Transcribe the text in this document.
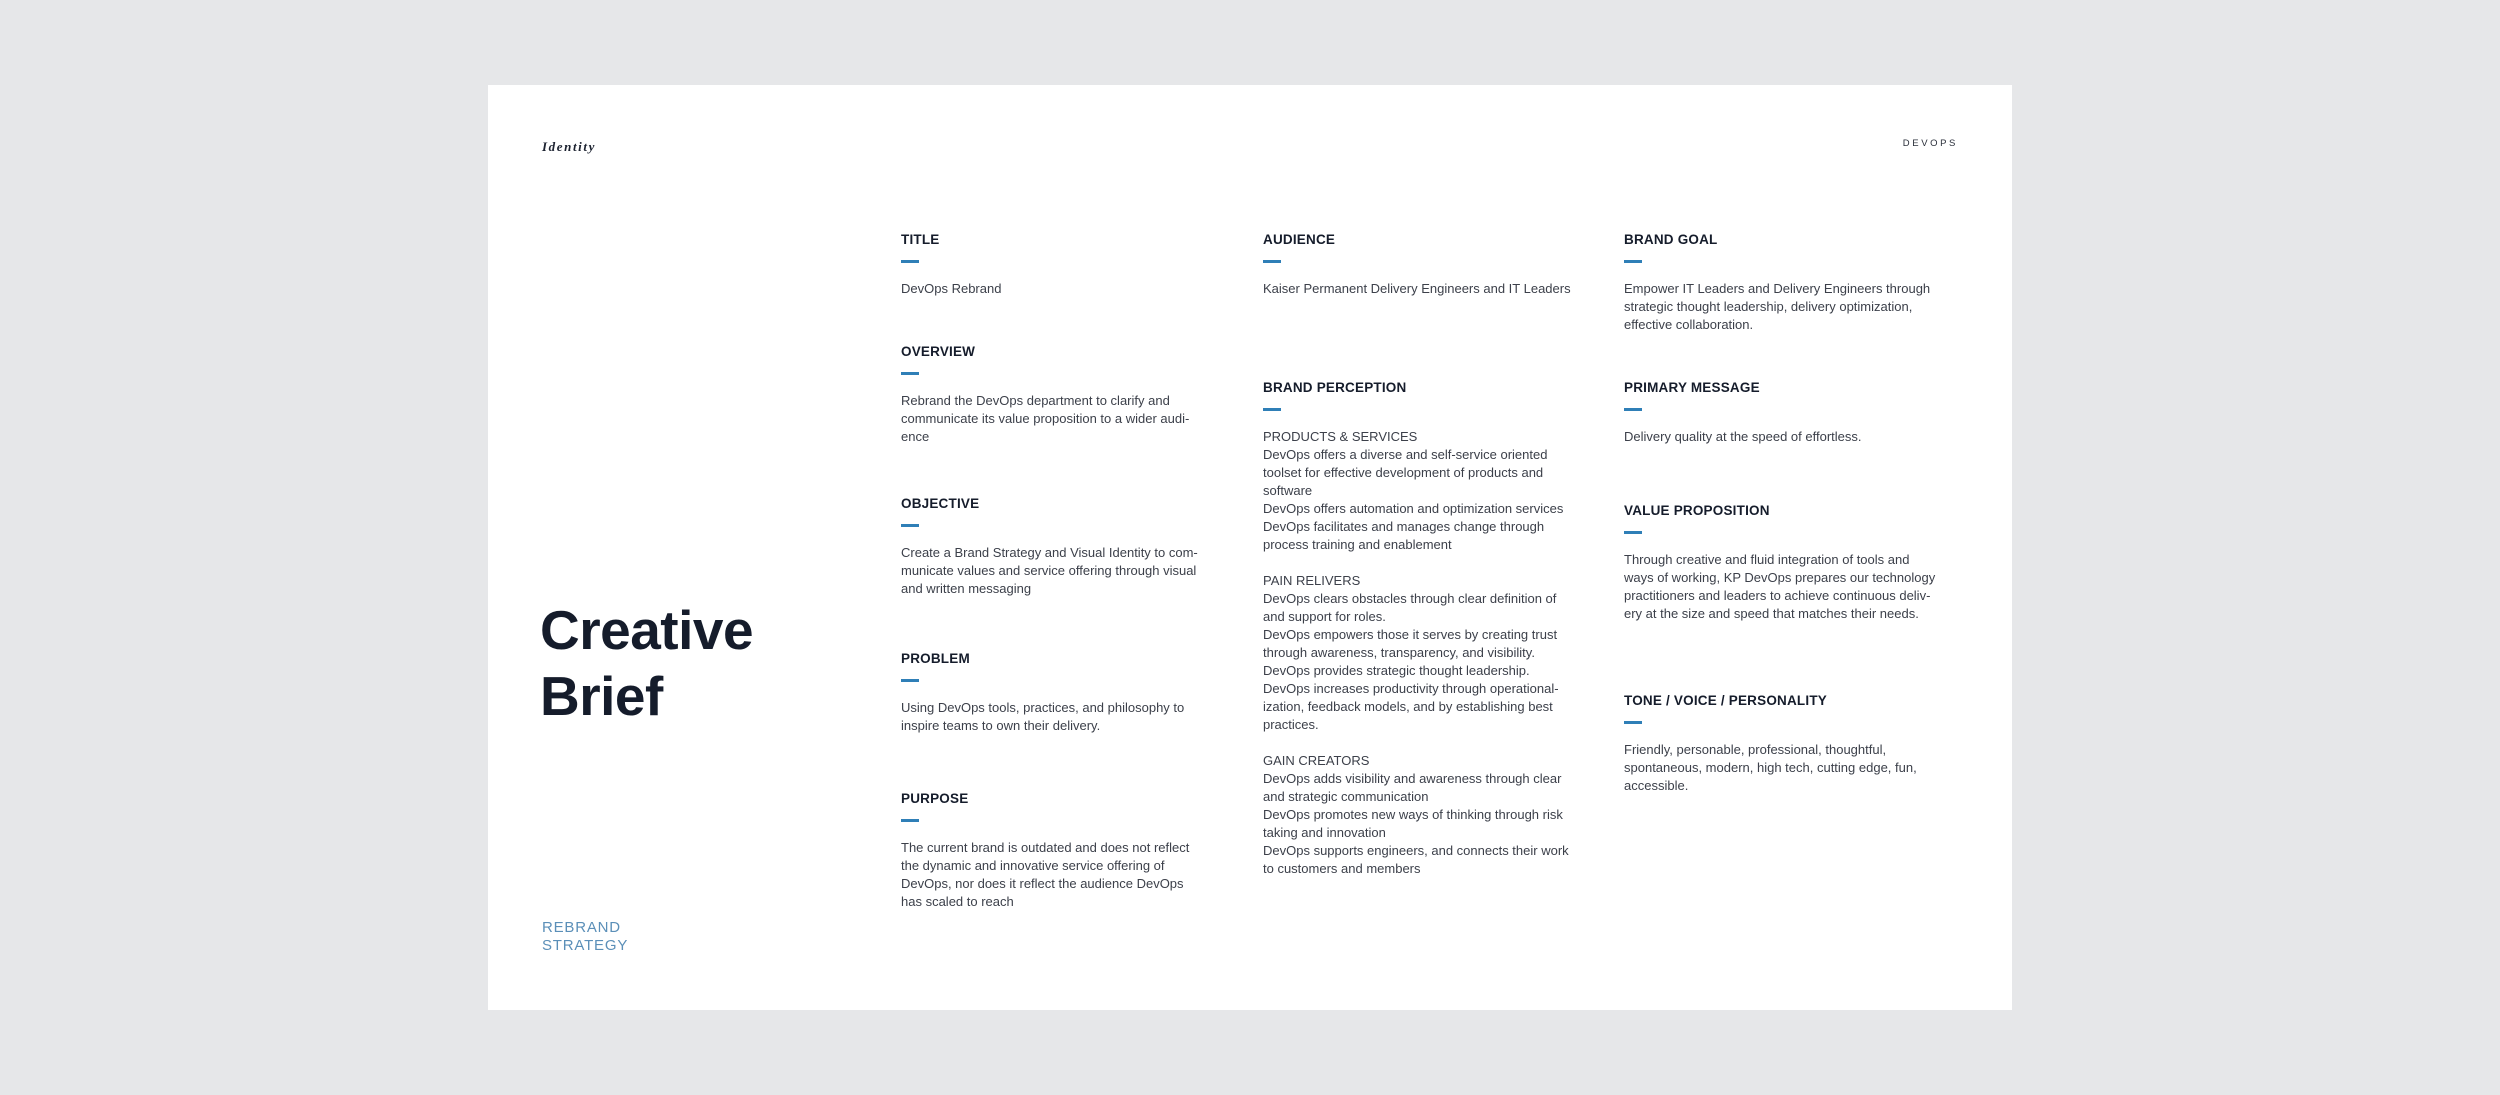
Identity	DEVOPS
Creative
Brief
REBRAND
STRATEGY
TITLE
DevOps Rebrand
OVERVIEW
Rebrand the DevOps department to clarify and
communicate its value proposition to a wider audi-
ence
OBJECTIVE
Create a Brand Strategy and Visual Identity to com-
municate values and service offering through visual
and written messaging
PROBLEM
Using DevOps tools, practices, and philosophy to
inspire teams to own their delivery.
PURPOSE
The current brand is outdated and does not reflect
the dynamic and innovative service offering of
DevOps, nor does it reflect the audience DevOps
has scaled to reach
AUDIENCE
Kaiser Permanent Delivery Engineers and IT Leaders
BRAND PERCEPTION
PRODUCTS & SERVICES
DevOps offers a diverse and self-service oriented
toolset for effective development of products and
software
DevOps offers automation and optimization services
DevOps facilitates and manages change through
process training and enablement
PAIN RELIVERS
DevOps clears obstacles through clear definition of
and support for roles.
DevOps empowers those it serves by creating trust
through awareness, transparency, and visibility.
DevOps provides strategic thought leadership.
DevOps increases productivity through operational-
ization, feedback models, and by establishing best
practices.
GAIN CREATORS
DevOps adds visibility and awareness through clear
and strategic communication
DevOps promotes new ways of thinking through risk
taking and innovation
DevOps supports engineers, and connects their work
to customers and members
BRAND GOAL
Empower IT Leaders and Delivery Engineers through
strategic thought leadership, delivery optimization,
effective collaboration.
PRIMARY MESSAGE
Delivery quality at the speed of effortless.
VALUE PROPOSITION
Through creative and fluid integration of tools and
ways of working, KP DevOps prepares our technology
practitioners and leaders to achieve continuous deliv-
ery at the size and speed that matches their needs.
TONE / VOICE / PERSONALITY
Friendly, personable, professional, thoughtful,
spontaneous, modern, high tech, cutting edge, fun,
accessible.
